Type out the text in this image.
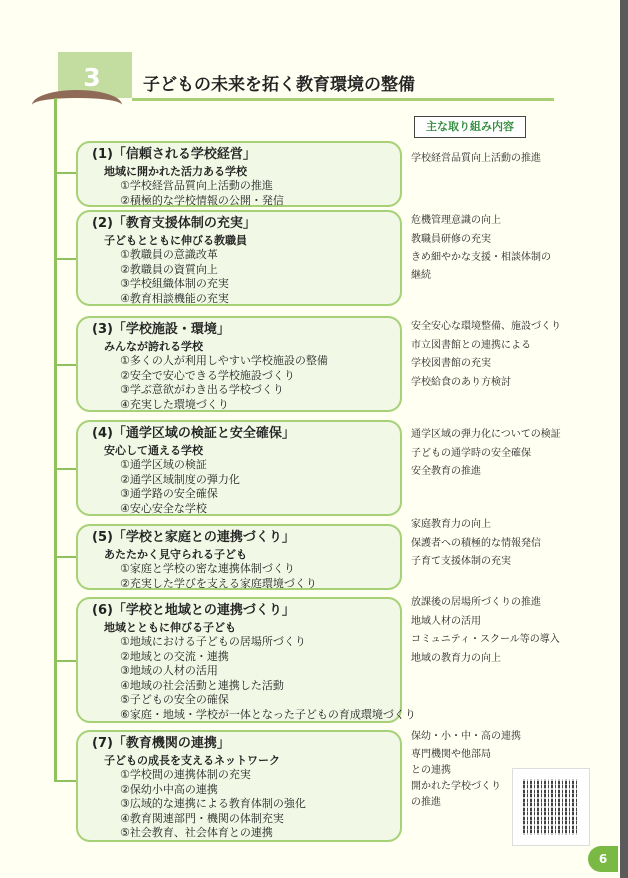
3	子どもの未来を拓く教育環境の整備
主な取り組み内容
(1)「信頼される学校経営」
地域に開かれた活力ある学校
①学校経営品質向上活動の推進
②積極的な学校情報の公開・発信
(2)「教育支援体制の充実」
子どもとともに伸びる教職員
①教職員の意識改革
②教職員の資質向上
③学校組織体制の充実
④教育相談機能の充実
(3)「学校施設・環境」
みんなが誇れる学校
①多くの人が利用しやすい学校施設の整備
②安全で安心できる学校施設づくり
③学ぶ意欲がわき出る学校づくり
④充実した環境づくり
(4)「通学区域の検証と安全確保」
安心して通える学校
①通学区域の検証
②通学区域制度の弾力化
③通学路の安全確保
④安心安全な学校
(5)「学校と家庭との連携づくり」
あたたかく見守られる子ども
①家庭と学校の密な連携体制づくり
②充実した学びを支える家庭環境づくり
(6)「学校と地域との連携づくり」
地域とともに伸びる子ども
①地域における子どもの居場所づくり
②地域との交流・連携
③地域の人材の活用
④地域の社会活動と連携した活動
⑤子どもの安全の確保
⑥家庭・地域・学校が一体となった子どもの育成環境づくり
(7)「教育機関の連携」
子どもの成長を支えるネットワーク
①学校間の連携体制の充実
②保幼小中高の連携
③広域的な連携による教育体制の強化
④教育関連部門・機関の体制充実
⑤社会教育、社会体育との連携
学校経営品質向上活動の推進
危機管理意識の向上
教職員研修の充実
きめ細やかな支援・相談体制の
継続
安全安心な環境整備、施設づくり
市立図書館との連携による
学校図書館の充実
学校給食のあり方検討
通学区域の弾力化についての検証
子どもの通学時の安全確保
安全教育の推進
家庭教育力の向上
保護者への積極的な情報発信
子育て支援体制の充実
放課後の居場所づくりの推進
地域人材の活用
コミュニティ・スクール等の導入
地域の教育力の向上
保幼・小・中・高の連携
専門機関や他部局
との連携
開かれた学校づくり
の推進
6
